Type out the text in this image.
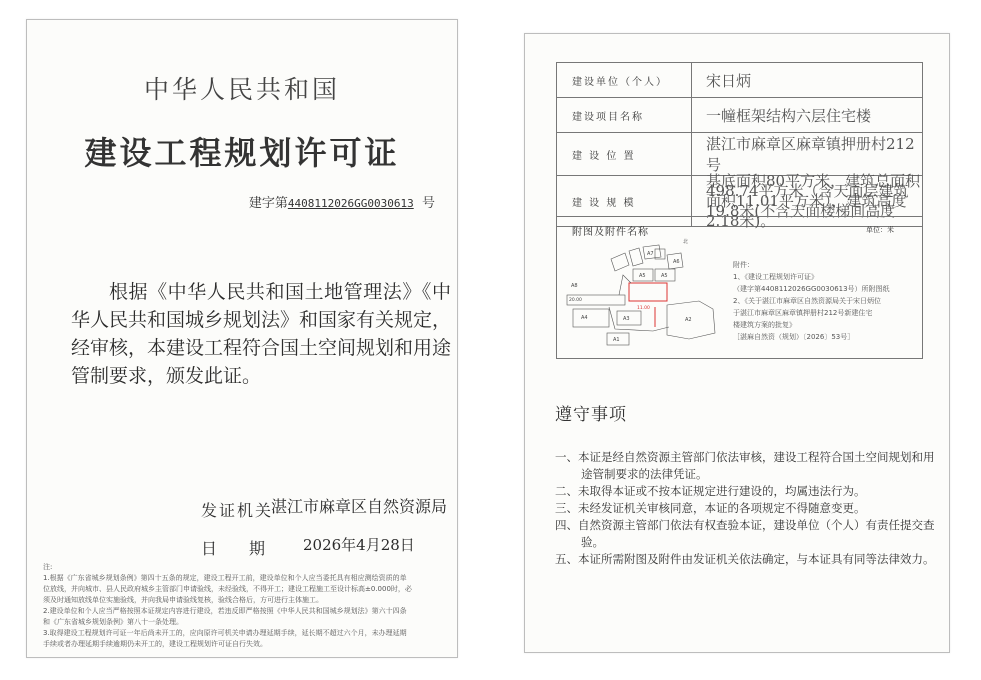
中华人民共和国
建设工程规划许可证
建字第440811202​6GG0030613 号
根据《中华人民共和国土地管理法》《中华人民共和国城乡规划法》和国家有关规定，经审核，本建设工程符合国土空间规划和用途管制要求，颁发此证。
发证机关
湛江市麻章区自然资源局
日　　期	2026年4月28日
注:
1.根据《广东省城乡规划条例》第四十五条的规定，建设工程开工前，建设单位和个人应当委托具有相应测绘资质的单
位放线，并向城市、县人民政府城乡主管部门申请验线，未经验线，不得开工；建设工程施工至设计标高±0.000时，必
须及时通知放线单位实施验线，并向我局申请验线复核，验线合格后，方可进行主体施工。
2.建设单位和个人应当严格按照本证规定内容进行建设，若违反即严格按照《中华人民共和国城乡规划法》第六十四条
和《广东省城乡规划条例》第八十一条处理。
3.取得建设工程规划许可证一年后尚未开工的，应向原许可机关申请办理延期手续，延长期不超过六个月，未办理延期
手续或者办理延期手续逾期仍未开工的，建设工程规划许可证自行失效。
建设单位（个人）	宋日炳
建设项目名称	一幢框架结构六层住宅楼
建 设 位 置	湛江市麻章区麻章镇押册村212号
建 设 规 模	基底面积80平方米，建筑总面积498.74平方米（含天面层建筑面积11.01平方米），建筑高度19.8米(不含天面楼梯间高度2.18米)。
附图及附件名称	单位：米
北
A8
A5
A6
A7
A5
A4	A3	A2
A1
20.00
11.00
附件：
1、《建设工程规划许可证》
（建字第440811202​6GG0030613号）所附图纸
2、《关于湛江市麻章区自然资源局关于宋日炳位
于湛江市麻章区麻章镇押册村212号新建住宅
楼建筑方案的批复》
［湛麻自然资（规划）〔2026〕53号］
遵守事项
一、本证是经自然资源主管部门依法审核，建设工程符合国土空间规划和用途管制要求的法律凭证。
二、未取得本证或不按本证规定进行建设的，均属违法行为。
三、未经发证机关审核同意，本证的各项规定不得随意变更。
四、自然资源主管部门依法有权查验本证，建设单位（个人）有责任提交查验。
五、本证所需附图及附件由发证机关依法确定，与本证具有同等法律效力。
